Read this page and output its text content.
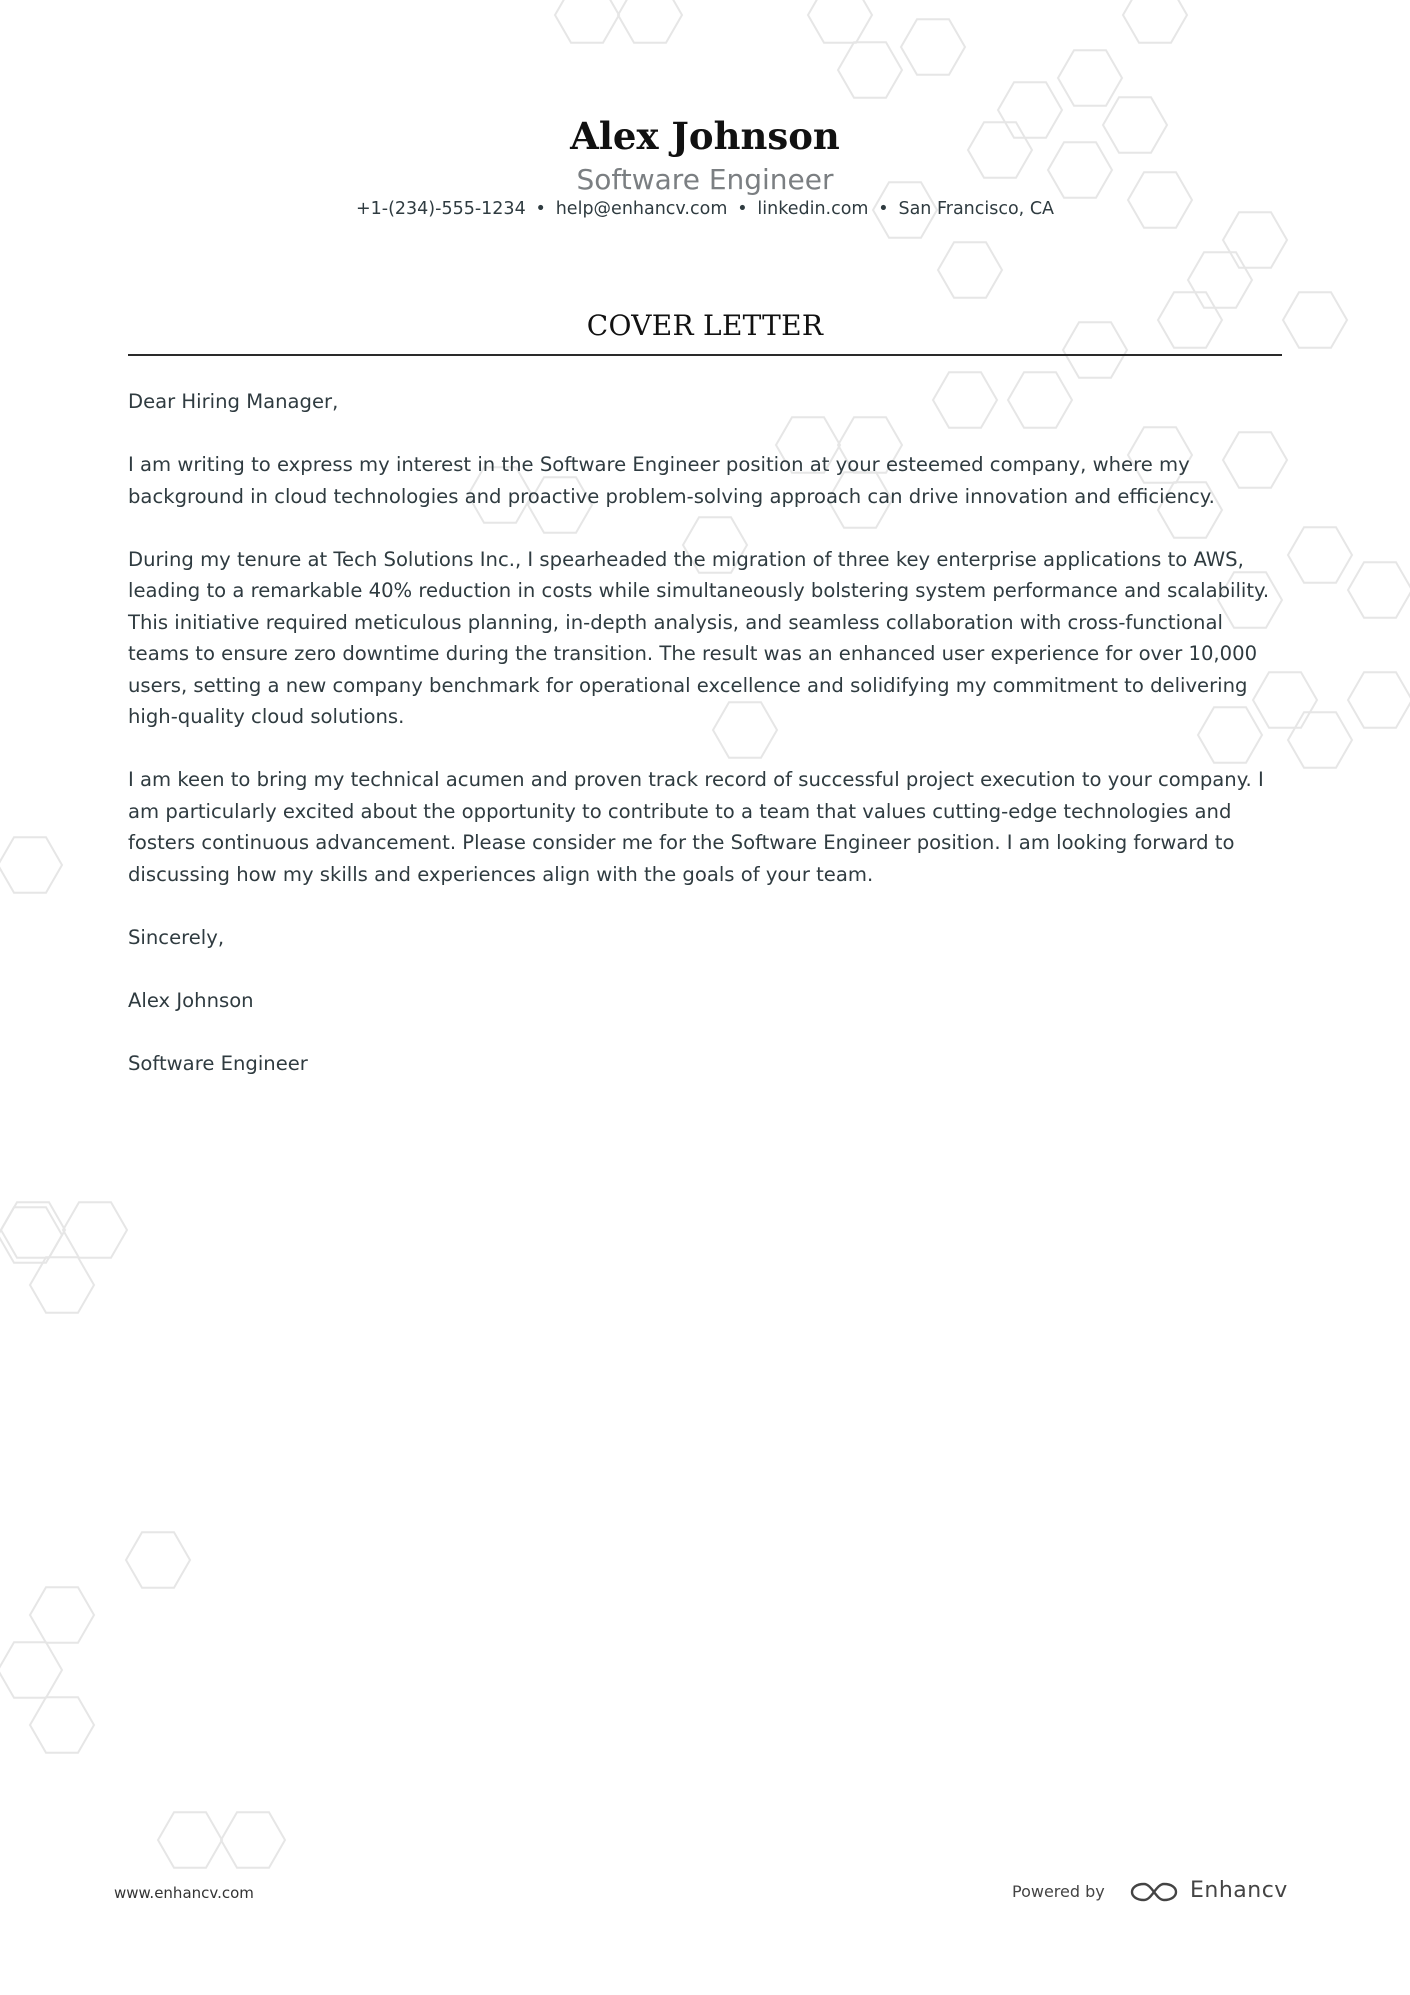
Alex Johnson
Software Engineer
+1-(234)-555-1234 • help@enhancv.com • linkedin.com • San Francisco, CA
COVER LETTER

Dear Hiring Manager,

I am writing to express my interest in the Software Engineer position at your esteemed company, where my background in cloud technologies and proactive problem-solving approach can drive innovation and efficiency.

During my tenure at Tech Solutions Inc., I spearheaded the migration of three key enterprise applications to AWS, leading to a remarkable 40% reduction in costs while simultaneously bolstering system performance and scalability. This initiative required meticulous planning, in-depth analysis, and seamless collaboration with cross-functional teams to ensure zero downtime during the transition. The result was an enhanced user experience for over 10,000 users, setting a new company benchmark for operational excellence and solidifying my commitment to delivering high-quality cloud solutions.

I am keen to bring my technical acumen and proven track record of successful project execution to your company. I am particularly excited about the opportunity to contribute to a team that values cutting-edge technologies and fosters continuous advancement. Please consider me for the Software Engineer position. I am looking forward to discussing how my skills and experiences align with the goals of your team.

Sincerely,

Alex Johnson

Software Engineer

www.enhancv.com	Powered by	Enhancv
